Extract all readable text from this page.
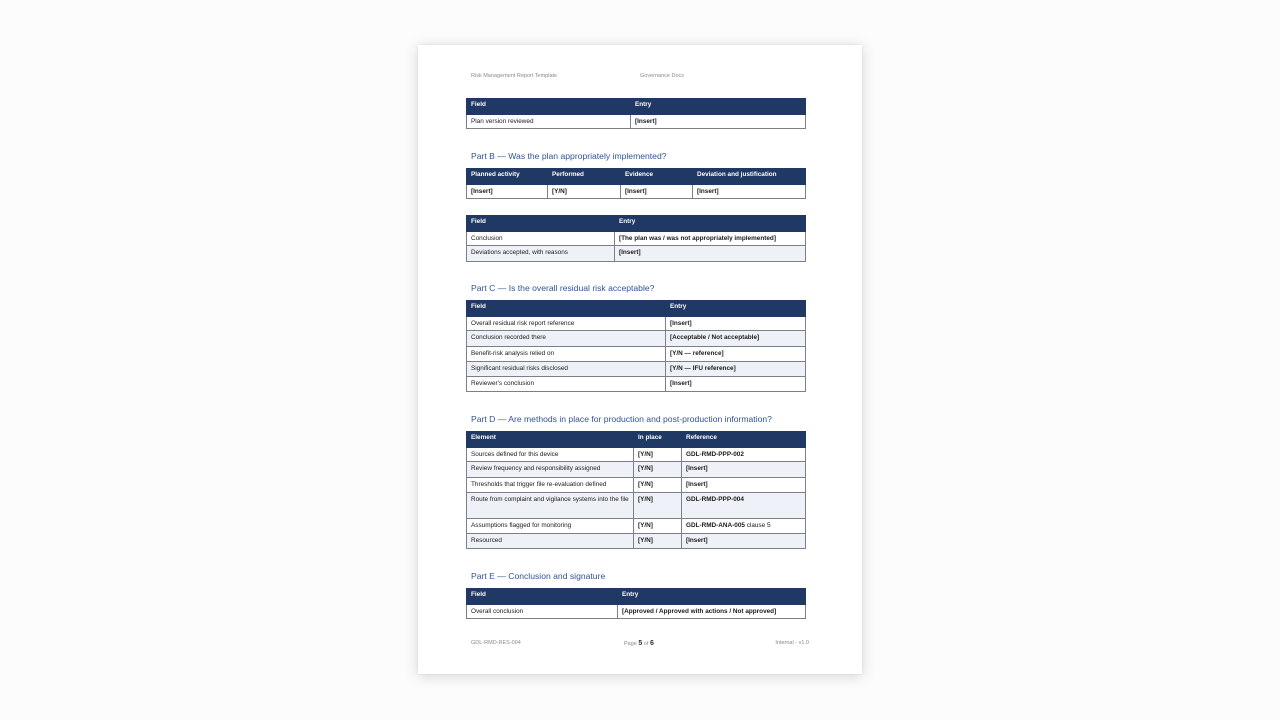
Risk Management Report Template	Governance Docs
Field	Entry
Plan version reviewed	[Insert]
Part B — Was the plan appropriately implemented?
Planned activity	Performed	Evidence	Deviation and justification
[Insert]	[Y/N]	[Insert]	[Insert]
Field	Entry
Conclusion	[The plan was / was not appropriately implemented]
Deviations accepted, with reasons	[Insert]
Part C — Is the overall residual risk acceptable?
Field	Entry
Overall residual risk report reference	[Insert]
Conclusion recorded there	[Acceptable / Not acceptable]
Benefit-risk analysis relied on	[Y/N — reference]
Significant residual risks disclosed	[Y/N — IFU reference]
Reviewer's conclusion	[Insert]
Part D — Are methods in place for production and post-production information?
Element	In place	Reference
Sources defined for this device	[Y/N]	GDL-RMD-PPP-002
Review frequency and responsibility assigned	[Y/N]	[Insert]
Thresholds that trigger file re-evaluation defined	[Y/N]	[Insert]
Route from complaint and vigilance systems into the file	[Y/N]	GDL-RMD-PPP-004
Assumptions flagged for monitoring	[Y/N]	GDL-RMD-ANA-005 clause 5
Resourced	[Y/N]	[Insert]
Part E — Conclusion and signature
Field	Entry
Overall conclusion	[Approved / Approved with actions / Not approved]
GDL-RMD-RES-004	Page 5 of 6	Internal - v1.0
